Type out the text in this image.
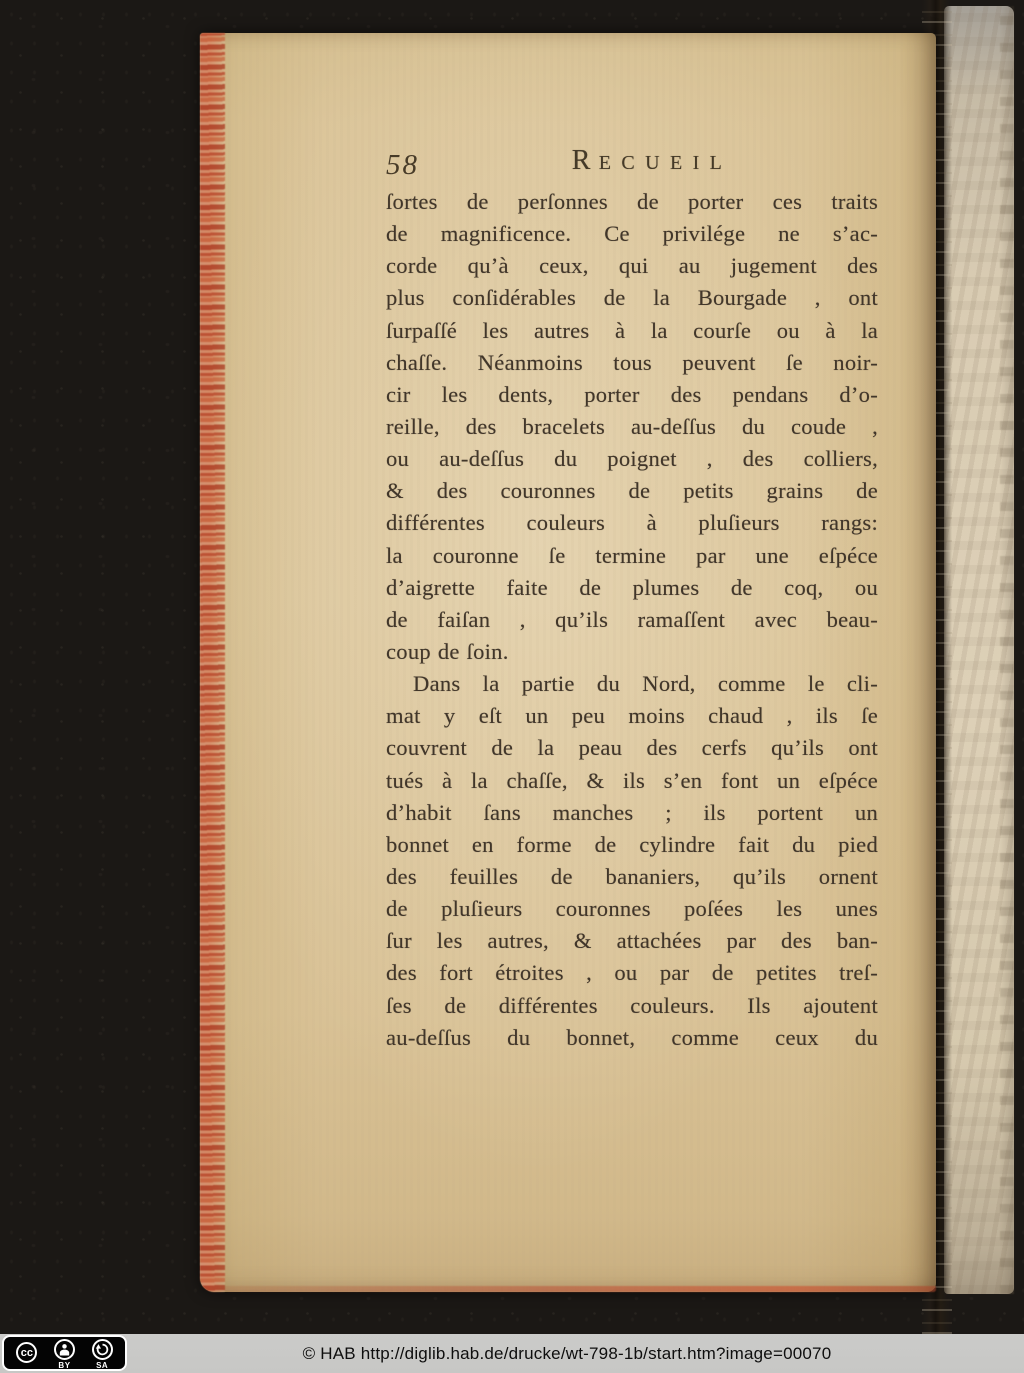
58	RECUEIL
ſortes de perſonnes de porter ces traits
de magnificence. Ce privilége ne s’ac-
corde qu’à ceux, qui au jugement des
plus conſidérables de la Bourgade , ont
ſurpaſſé les autres à la courſe ou à la
chaſſe. Néanmoins tous peuvent ſe noir-
cir les dents, porter des pendans d’o-
reille, des bracelets au-deſſus du coude ,
ou au-deſſus du poignet , des colliers,
& des couronnes de petits grains de
différentes couleurs à pluſieurs rangs:
la couronne ſe termine par une eſpéce
d’aigrette faite de plumes de coq, ou
de faiſan , qu’ils ramaſſent avec beau-
coup de ſoin.
Dans la partie du Nord, comme le cli-
mat y eſt un peu moins chaud , ils ſe
couvrent de la peau des cerfs qu’ils ont
tués à la chaſſe, & ils s’en font un eſpéce
d’habit ſans manches ; ils portent un
bonnet en forme de cylindre fait du pied
des feuilles de bananiers, qu’ils ornent
de pluſieurs couronnes poſées les unes
ſur les autres, & attachées par des ban-
des fort étroites , ou par de petites treſ-
ſes de différentes couleurs. Ils ajoutent
au-deſſus du bonnet, comme ceux du
cc
BY	SA
© HAB http://diglib.hab.de/drucke/wt-798-1b/start.htm?image=00070
